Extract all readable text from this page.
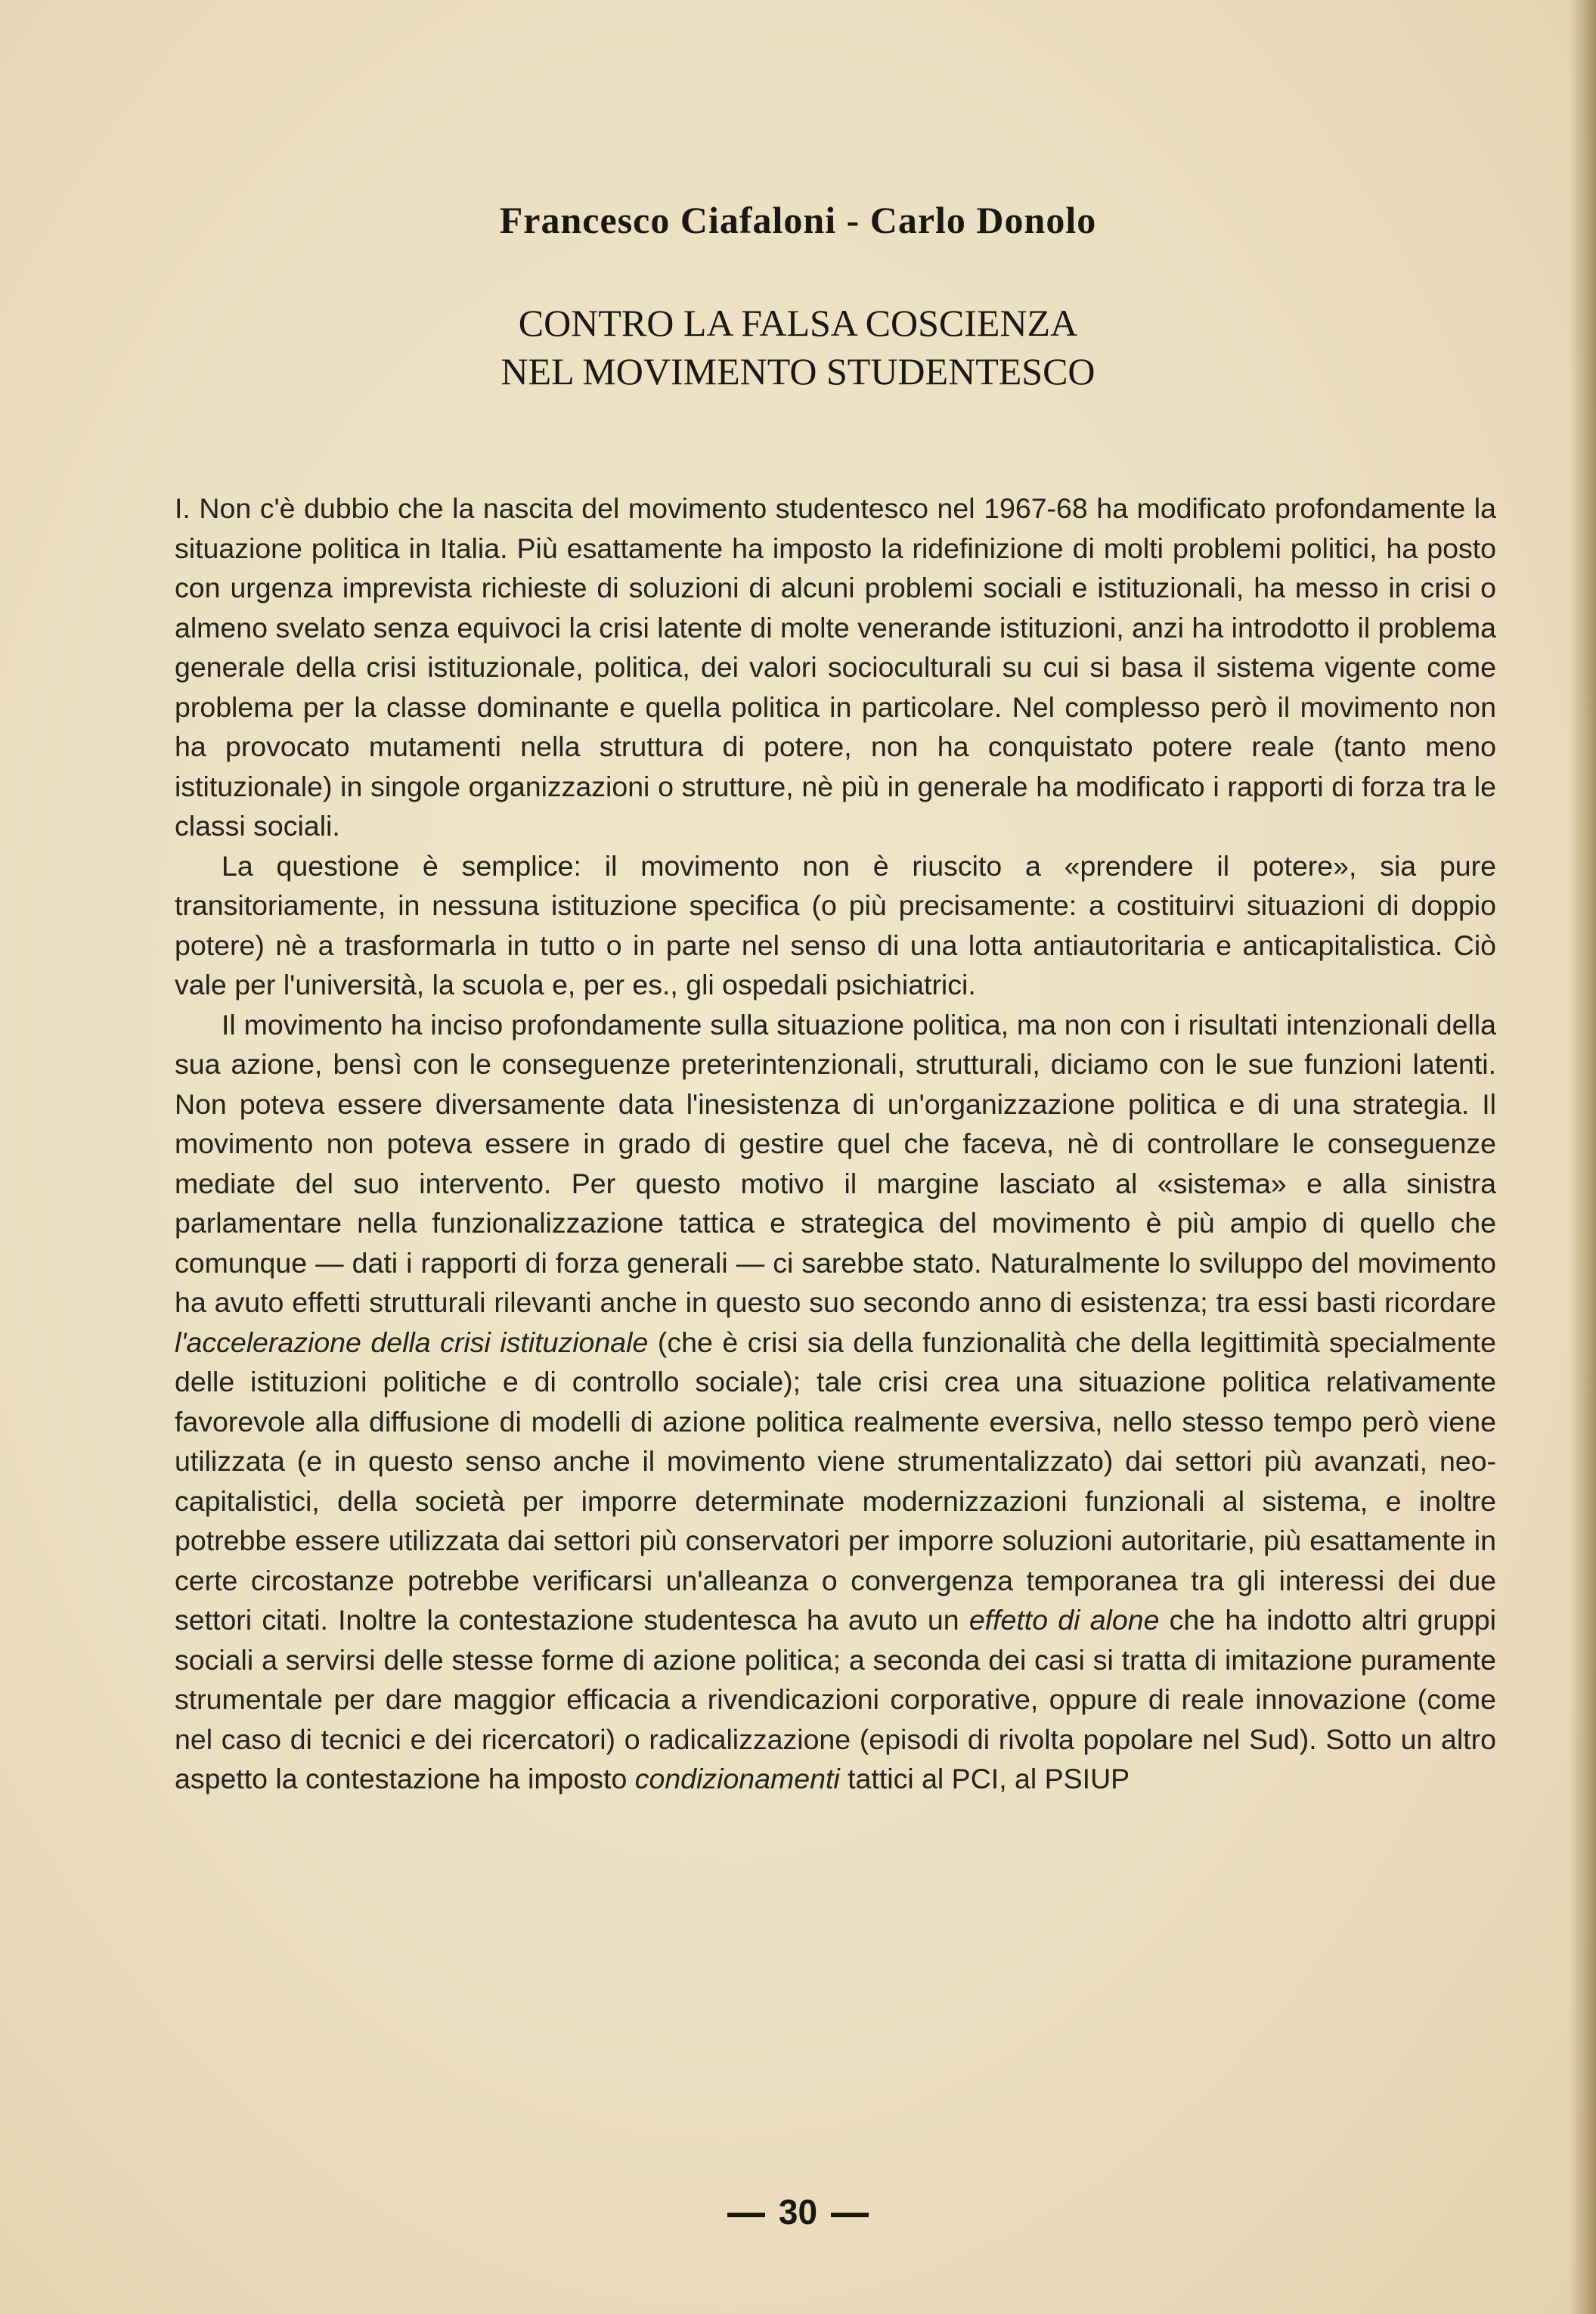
Francesco Ciafaloni - Carlo Donolo
CONTRO LA FALSA COSCIENZA
NEL MOVIMENTO STUDENTESCO

I. Non c'è dubbio che la nascita del movimento studentesco nel 1967-68 ha modificato profondamente la situazione politica in Italia. Più esattamente ha imposto la ridefinizione di molti problemi politici, ha posto con urgenza imprevista richieste di soluzioni di alcuni problemi sociali e istituzionali, ha messo in crisi o almeno svelato senza equivoci la crisi latente di molte venerande istituzioni, anzi ha introdotto il problema generale della crisi istituzionale, politica, dei valori socioculturali su cui si basa il sistema vigente come problema per la classe dominante e quella politica in particolare. Nel complesso però il movimento non ha provocato mutamenti nella struttura di potere, non ha conquistato potere reale (tanto meno istituzionale) in singole organizzazioni o strutture, nè più in generale ha modificato i rapporti di forza tra le classi sociali.

La questione è semplice: il movimento non è riuscito a «prendere il potere», sia pure transitoriamente, in nessuna istituzione specifica (o più precisamente: a costituirvi situazioni di doppio potere) nè a trasformarla in tutto o in parte nel senso di una lotta antiautoritaria e anticapitalistica. Ciò vale per l'università, la scuola e, per es., gli ospedali psichiatrici.

Il movimento ha inciso profondamente sulla situazione politica, ma non con i risultati intenzionali della sua azione, bensì con le conseguenze preterintenzionali, strutturali, diciamo con le sue funzioni latenti. Non poteva essere diversamente data l'inesistenza di un'organizzazione politica e di una strategia. Il movimento non poteva essere in grado di gestire quel che faceva, nè di controllare le conseguenze mediate del suo intervento. Per questo motivo il margine lasciato al «sistema» e alla sinistra parlamentare nella funzionalizzazione tattica e strategica del movimento è più ampio di quello che comunque — dati i rapporti di forza generali — ci sarebbe stato. Naturalmente lo sviluppo del movimento ha avuto effetti strutturali rilevanti anche in questo suo secondo anno di esistenza; tra essi basti ricordare l'accelerazione della crisi istituzionale (che è crisi sia della funzionalità che della legittimità specialmente delle istituzioni politiche e di controllo sociale); tale crisi crea una situazione politica relativamente favorevole alla diffusione di modelli di azione politica realmente eversiva, nello stesso tempo però viene utilizzata (e in questo senso anche il movimento viene strumentalizzato) dai settori più avanzati, neo-capitalistici, della società per imporre determinate modernizzazioni funzionali al sistema, e inoltre potrebbe essere utilizzata dai settori più conservatori per imporre soluzioni autoritarie, più esattamente in certe circostanze potrebbe verificarsi un'alleanza o convergenza temporanea tra gli interessi dei due settori citati. Inoltre la contestazione studentesca ha avuto un effetto di alone che ha indotto altri gruppi sociali a servirsi delle stesse forme di azione politica; a seconda dei casi si tratta di imitazione puramente strumentale per dare maggior efficacia a rivendicazioni corporative, oppure di reale innovazione (come nel caso di tecnici e dei ricercatori) o radicalizzazione (episodi di rivolta popolare nel Sud). Sotto un altro aspetto la contestazione ha imposto condizionamenti tattici al PCI, al PSIUP

30
